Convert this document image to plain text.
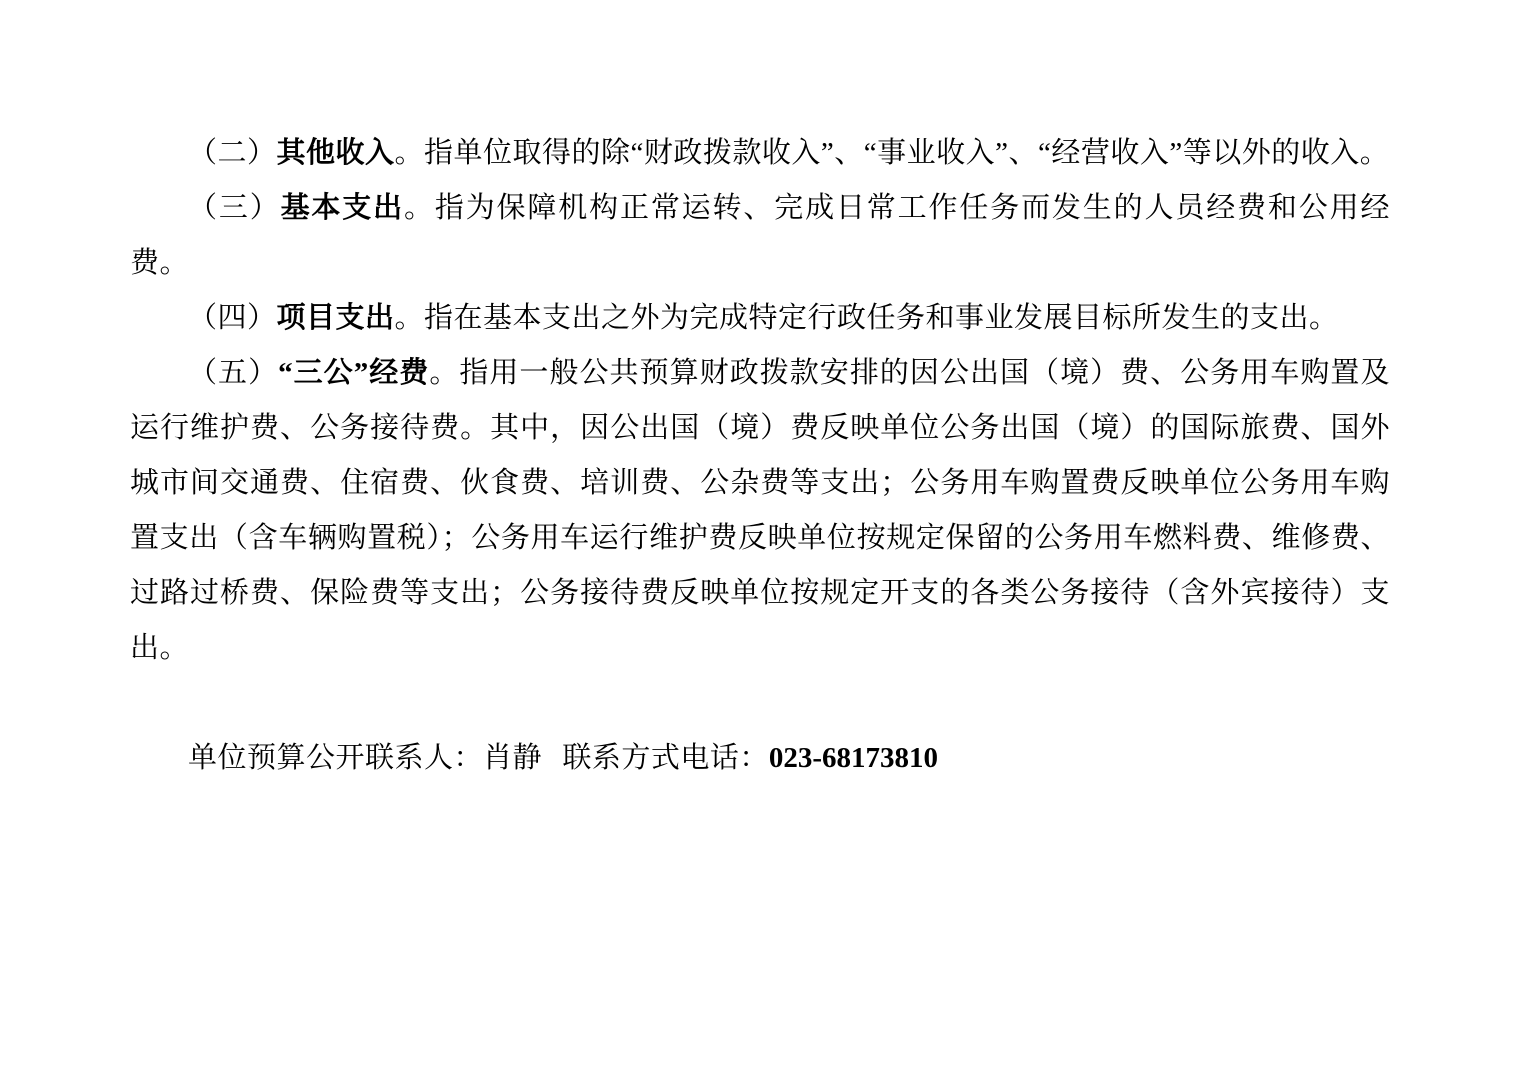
（二）其他收入。指单位取得的除“财政拨款收入”、“事业收入”、“经营收入”等以外的收入。

（三）基本支出。指为保障机构正常运转、完成日常工作任务而发生的人员经费和公用经费。

（四）项目支出。指在基本支出之外为完成特定行政任务和事业发展目标所发生的支出。

（五）“三公”经费。指用一般公共预算财政拨款安排的因公出国（境）费、公务用车购置及运行维护费、公务接待费。其中，因公出国（境）费反映单位公务出国（境）的国际旅费、国外城市间交通费、住宿费、伙食费、培训费、公杂费等支出；公务用车购置费反映单位公务用车购置支出（含车辆购置税）；公务用车运行维护费反映单位按规定保留的公务用车燃料费、维修费、过路过桥费、保险费等支出；公务接待费反映单位按规定开支的各类公务接待（含外宾接待）支出。

单位预算公开联系人：肖静 联系方式电话：023-68173810
